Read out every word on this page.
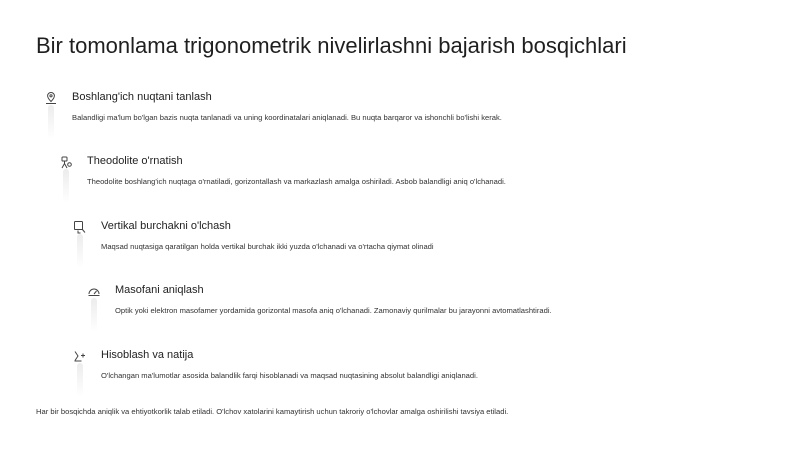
Bir tomonlama trigonometrik nivelirlashni bajarish bosqichlari
Boshlang'ich nuqtani tanlash
Balandligi ma'lum bo'lgan bazis nuqta tanlanadi va uning koordinatalari aniqlanadi. Bu nuqta barqaror va ishonchli bo'lishi kerak.
Theodolite o'rnatish
Theodolite boshlang'ich nuqtaga o'rnatiladi, gorizontallash va markazlash amalga oshiriladi. Asbob balandligi aniq o'lchanadi.
Vertikal burchakni o'lchash
Maqsad nuqtasiga qaratilgan holda vertikal burchak ikki yuzda o'lchanadi va o'rtacha qiymat olinadi
Masofani aniqlash
Optik yoki elektron masofamer yordamida gorizontal masofa aniq o'lchanadi. Zamonaviy qurilmalar bu jarayonni avtomatlashtiradi.
Hisoblash va natija
O'lchangan ma'lumotlar asosida balandlik farqi hisoblanadi va maqsad nuqtasining absolut balandligi aniqlanadi.
Har bir bosqichda aniqlik va ehtiyotkorlik talab etiladi. O'lchov xatolarini kamaytirish uchun takroriy o'lchovlar amalga oshirilishi tavsiya etiladi.
